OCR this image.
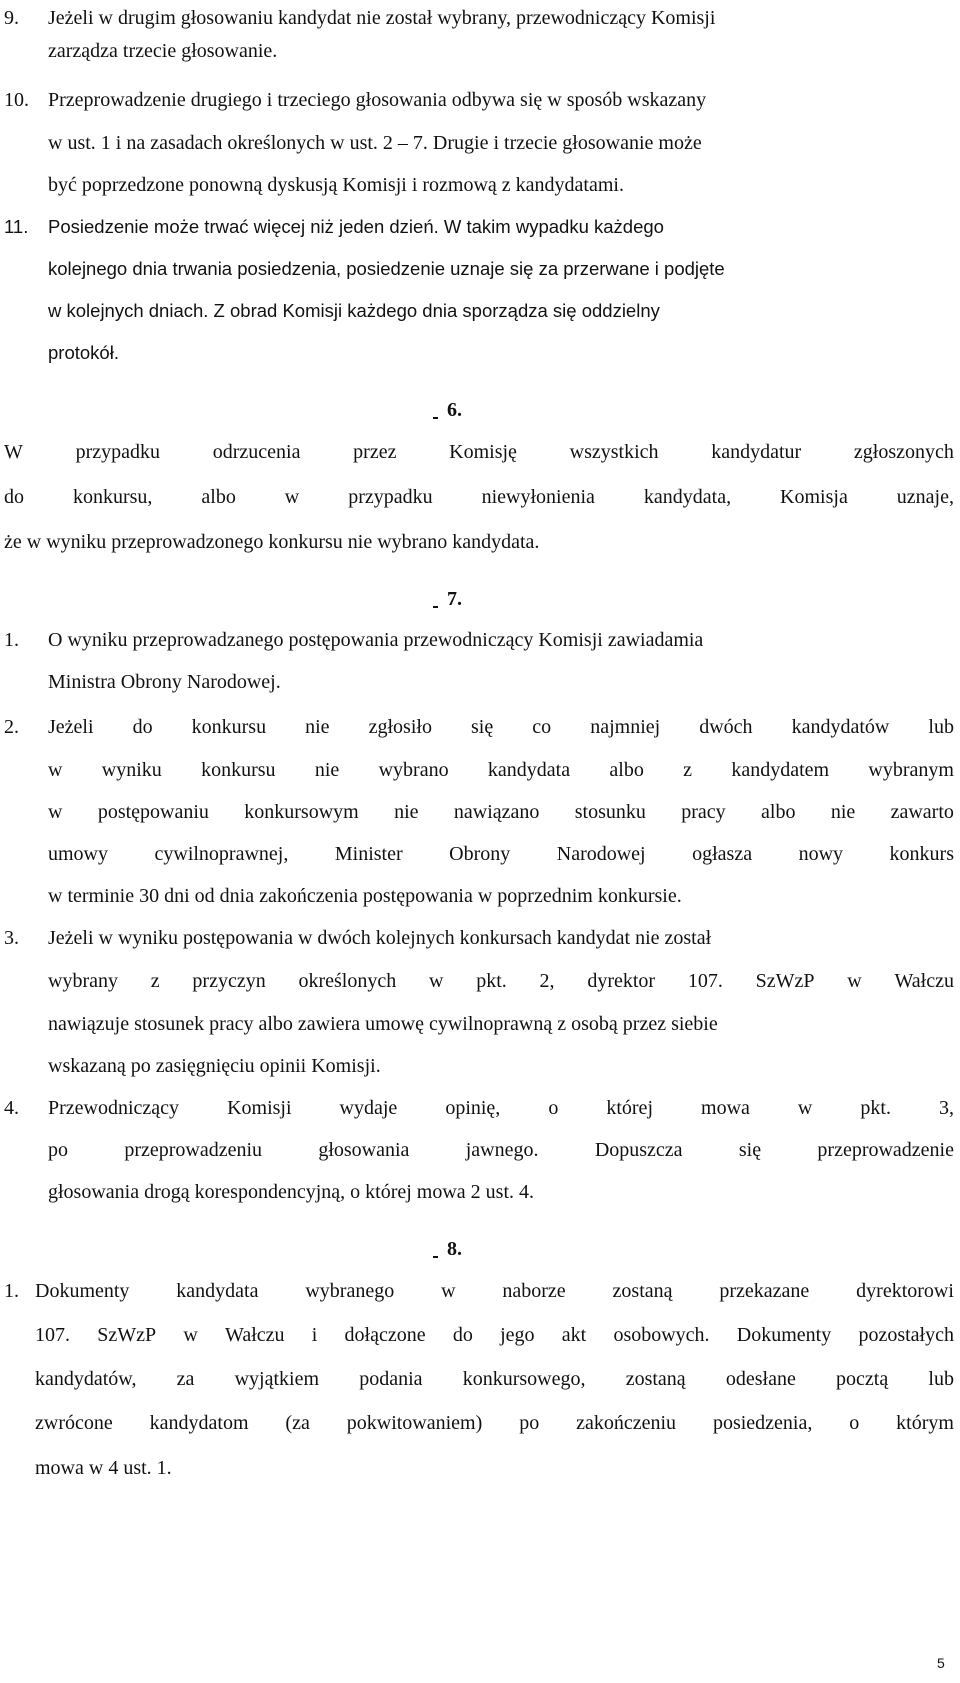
9. Jeżeli w drugim głosowaniu kandydat nie został wybrany, przewodniczący Komisji
zarządza trzecie głosowanie.
10. Przeprowadzenie drugiego i trzeciego głosowania odbywa się w sposób wskazany
w ust. 1 i na zasadach określonych w ust. 2 – 7. Drugie i trzecie głosowanie może
być poprzedzone ponowną dyskusją Komisji i rozmową z kandydatami.
11. Posiedzenie może trwać więcej niż jeden dzień. W takim wypadku każdego
kolejnego dnia trwania posiedzenia, posiedzenie uznaje się za przerwane i podjęte
w kolejnych dniach. Z obrad Komisji każdego dnia sporządza się oddzielny
protokół.
6.
W	przypadku	odrzucenia	przez	Komisję	wszystkich	kandydatur	zgłoszonych
do konkursu, albo w przypadku niewyłonienia kandydata, Komisja uznaje,
że w wyniku przeprowadzonego konkursu nie wybrano kandydata.
7.
1. O wyniku przeprowadzanego postępowania przewodniczący Komisji zawiadamia
Ministra Obrony Narodowej.
2. Jeżeli do konkursu nie zgłosiło się co najmniej dwóch kandydatów lub
w wyniku konkursu nie wybrano kandydata albo z kandydatem wybranym
w postępowaniu konkursowym nie nawiązano stosunku pracy albo nie zawarto
umowy cywilnoprawnej, Minister Obrony Narodowej ogłasza nowy konkurs
w terminie 30 dni od dnia zakończenia postępowania w poprzednim konkursie.
3. Jeżeli w wyniku postępowania w dwóch kolejnych konkursach kandydat nie został
wybrany z przyczyn określonych w pkt. 2, dyrektor 107. SzWzP w Wałczu
nawiązuje stosunek pracy albo zawiera umowę cywilnoprawną z osobą przez siebie
wskazaną po zasięgnięciu opinii Komisji.
4. Przewodniczący Komisji wydaje opinię, o której mowa w pkt. 3,
po	przeprowadzeniu	głosowania	jawnego.	Dopuszcza	się	przeprowadzenie
głosowania drogą korespondencyjną, o której mowa 2 ust. 4.
8.
1. Dokumenty kandydata wybranego w naborze zostaną przekazane dyrektorowi
107. SzWzP w Wałczu i dołączone do jego akt osobowych. Dokumenty pozostałych
kandydatów, za wyjątkiem podania konkursowego, zostaną odesłane pocztą lub
zwrócone kandydatom (za pokwitowaniem) po zakończeniu posiedzenia, o którym
mowa w 4 ust. 1.
5
